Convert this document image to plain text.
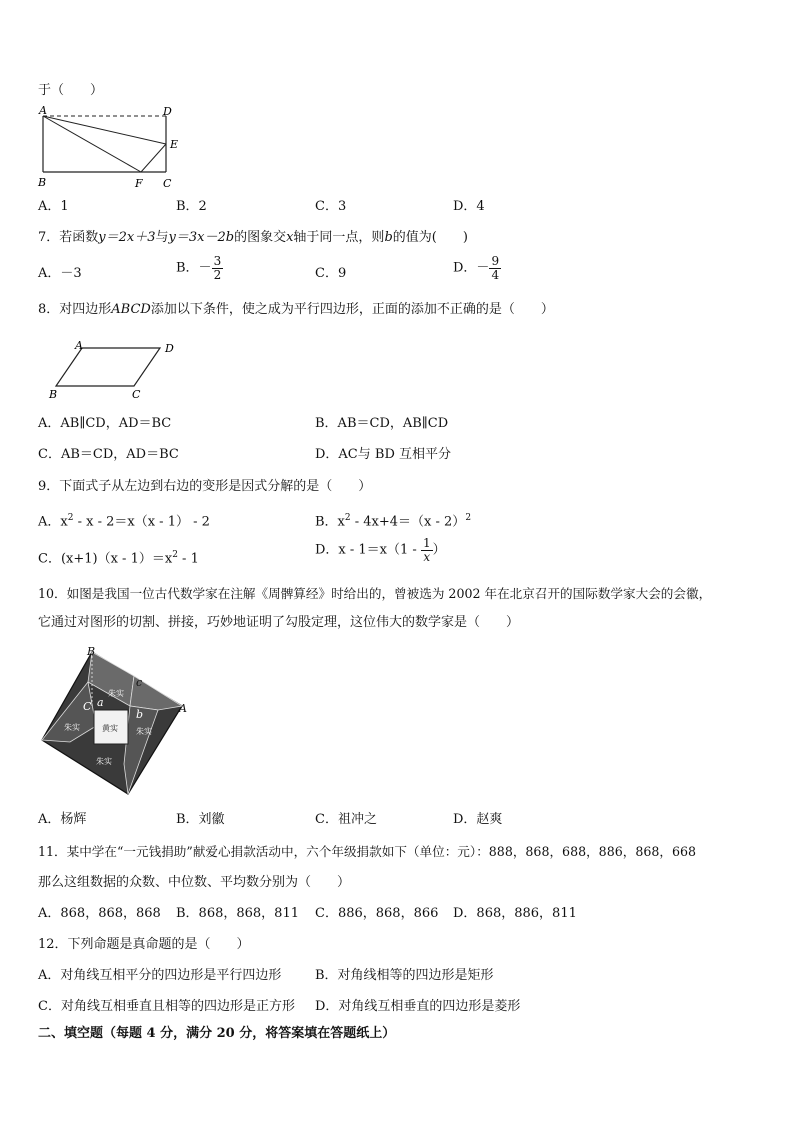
于（　　）
A	D
E
B	F C
A．1	B．2	C．3	D．4
7．若函数y＝2x＋3与y＝3x－2b的图象交x轴于同一点，则b的值为(　　)
A．－3	B．－ $\frac{3}{2}$	C．9	D．－ $\frac{9}{4}$
8．对四边形ABCD添加以下条件，使之成为平行四边形，正面的添加不正确的是（　　）
A	D
B	C
A．AB∥CD，AD＝BC	B．AB＝CD，AB∥CD
C．AB＝CD，AD＝BC	D．AC与 BD 互相平分
9．下面式子从左边到右边的变形是因式分解的是（　　）
A．$x^2 - x - 2=x(x - 1) - 2$	B．$x^2 - 4x+4=(x - 2)^2$
C．$(x+1)(x - 1)=x^2 - 1$
D．$x - 1=x(1 - \frac{1}{x}$ ）
10．如图是我国一位古代数学家在注解《周髀算经》时给出的，曾被选为 2002 年在北京召开的国际数学家大会的会徽，
它通过对图形的切割、拼接，巧妙地证明了勾股定理，这位伟大的数学家是（　　）
B
c
A
C a
b
朱实
朱实	朱实
朱实
黄实
A．杨辉	B．刘徽	C．祖冲之	D．赵爽
11．某中学在“一元钱捐助”献爱心捐款活动中，六个年级捐款如下（单位：元）：888，868，688，886，868，668
那么这组数据的众数、中位数、平均数分别为（　　）
A．868，868，868 B．868，868，811 C．886，868，866 D．868，886，811
12．下列命题是真命题的是（　　）
A．对角线互相平分的四边形是平行四边形	B．对角线相等的四边形是矩形
C．对角线互相垂直且相等的四边形是正方形 D．对角线互相垂直的四边形是菱形
二、填空题（每题 4 分，满分 20 分，将答案填在答题纸上）
